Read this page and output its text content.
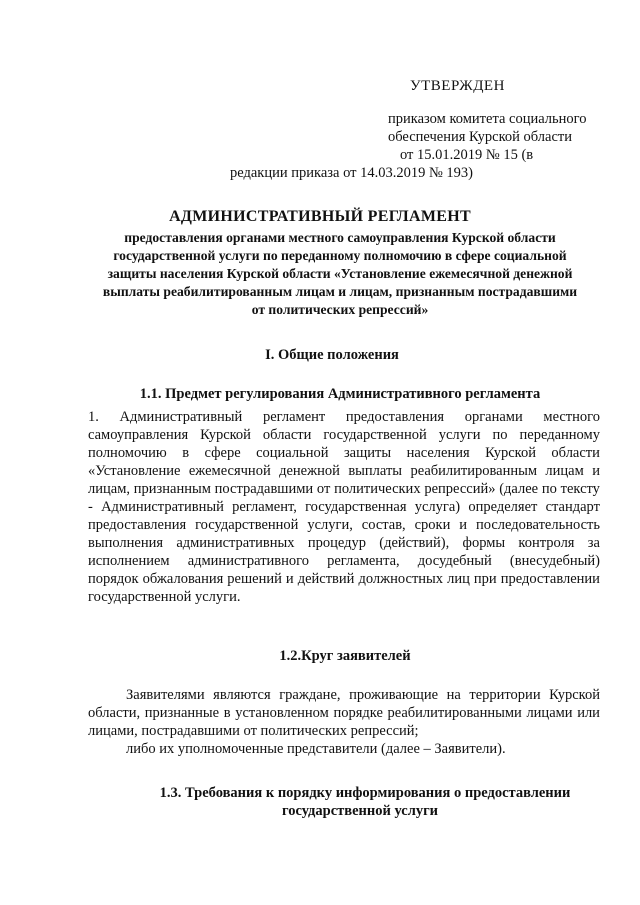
УТВЕРЖДЕН
приказом комитета социального
обеспечения Курской области
от 15.01.2019 № 15 (в
редакции приказа от 14.03.2019 № 193)
АДМИНИСТРАТИВНЫЙ РЕГЛАМЕНТ
предоставления органами местного самоуправления Курской области
государственной услуги по переданному полномочию в сфере социальной
защиты населения Курской области «Установление ежемесячной денежной
выплаты реабилитированным лицам и лицам, признанным пострадавшими
от политических репрессий»
I. Общие положения
1.1. Предмет регулирования Административного регламента
1. Административный регламент предоставления органами местного
самоуправления Курской области государственной услуги по переданному
полномочию в сфере социальной защиты населения Курской области
«Установление ежемесячной денежной выплаты реабилитированным лицам и
лицам, признанным пострадавшими от политических репрессий» (далее по тексту
- Административный регламент, государственная услуга) определяет стандарт
предоставления государственной услуги, состав, сроки и последовательность
выполнения административных процедур (действий), формы контроля за
исполнением административного регламента, досудебный (внесудебный)
порядок обжалования решений и действий должностных лиц при предоставлении
государственной услуги.
1.2.Круг заявителей
Заявителями являются граждане, проживающие на территории Курской
области, признанные в установленном порядке реабилитированными лицами или
лицами, пострадавшими от политических репрессий;
либо их уполномоченные представители (далее – Заявители).
1.3. Требования к порядку информирования о предоставлении
государственной услуги
